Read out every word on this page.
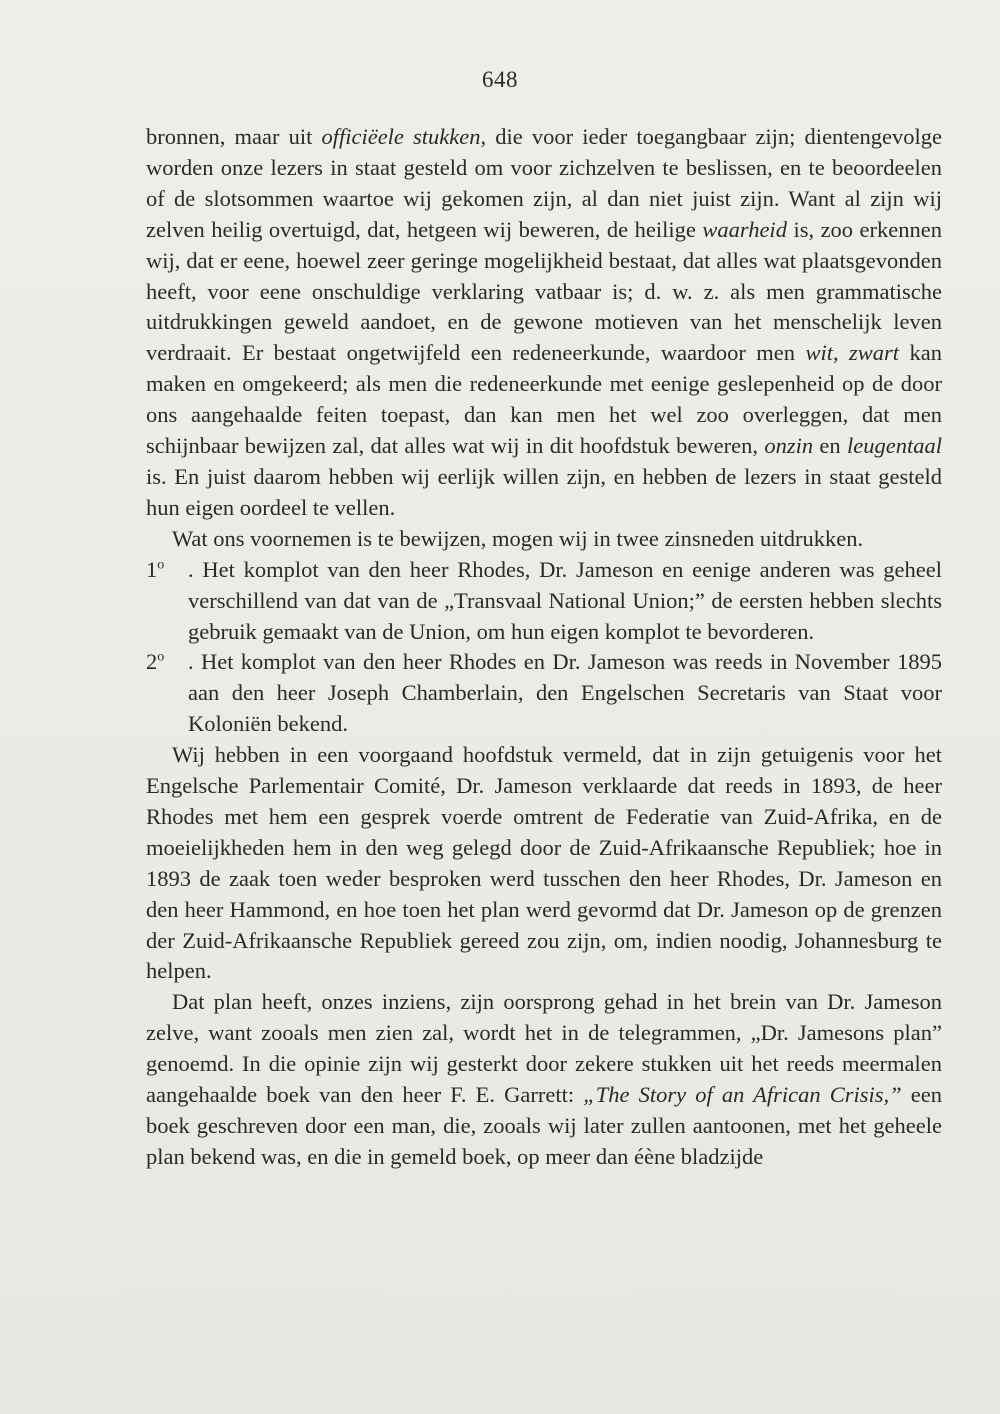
648

bronnen, maar uit officiëele stukken, die voor ieder toegangbaar zijn; dientengevolge worden onze lezers in staat gesteld om voor zichzelven te beslissen, en te beoordeelen of de slotsommen waartoe wij gekomen zijn, al dan niet juist zijn. Want al zijn wij zelven heilig overtuigd, dat, hetgeen wij beweren, de heilige waarheid is, zoo erkennen wij, dat er eene, hoewel zeer geringe mogelijkheid bestaat, dat alles wat plaatsgevonden heeft, voor eene onschuldige verklaring vatbaar is; d. w. z. als men grammatische uitdrukkingen geweld aandoet, en de gewone motieven van het menschelijk leven verdraait. Er bestaat ongetwijfeld een redeneerkunde, waardoor men wit, zwart kan maken en omgekeerd; als men die redeneerkunde met eenige geslepenheid op de door ons aangehaalde feiten toepast, dan kan men het wel zoo overleggen, dat men schijnbaar bewijzen zal, dat alles wat wij in dit hoofdstuk beweren, onzin en leugentaal is. En juist daarom hebben wij eerlijk willen zijn, en hebben de lezers in staat gesteld hun eigen oordeel te vellen.

Wat ons voornemen is te bewijzen, mogen wij in twee zinsneden uitdrukken.

1$^o$	. Het komplot van den heer Rhodes, Dr. Jameson en eenige anderen was geheel verschillend van dat van de „Transvaal National Union;” de eersten hebben slechts gebruik gemaakt van de Union, om hun eigen komplot te bevorderen.
2$^o$	. Het komplot van den heer Rhodes en Dr. Jameson was reeds in November 1895 aan den heer Joseph Chamberlain, den Engelschen Secretaris van Staat voor Koloniën bekend.

Wij hebben in een voorgaand hoofdstuk vermeld, dat in zijn getuigenis voor het Engelsche Parlementair Comité, Dr. Jameson verklaarde dat reeds in 1893, de heer Rhodes met hem een gesprek voerde omtrent de Federatie van Zuid-Afrika, en de moeielijkheden hem in den weg gelegd door de Zuid-Afrikaansche Republiek; hoe in 1893 de zaak toen weder besproken werd tusschen den heer Rhodes, Dr. Jameson en den heer Hammond, en hoe toen het plan werd gevormd dat Dr. Jameson op de grenzen der Zuid-Afrikaansche Republiek gereed zou zijn, om, indien noodig, Johannesburg te helpen.

Dat plan heeft, onzes inziens, zijn oorsprong gehad in het brein van Dr. Jameson zelve, want zooals men zien zal, wordt het in de telegrammen, „Dr. Jamesons plan” genoemd. In die opinie zijn wij gesterkt door zekere stukken uit het reeds meermalen aangehaalde boek van den heer F. E. Garrett: „The Story of an African Crisis,” een boek geschreven door een man, die, zooals wij later zullen aantoonen, met het geheele plan bekend was, en die in gemeld boek, op meer dan éène bladzijde
